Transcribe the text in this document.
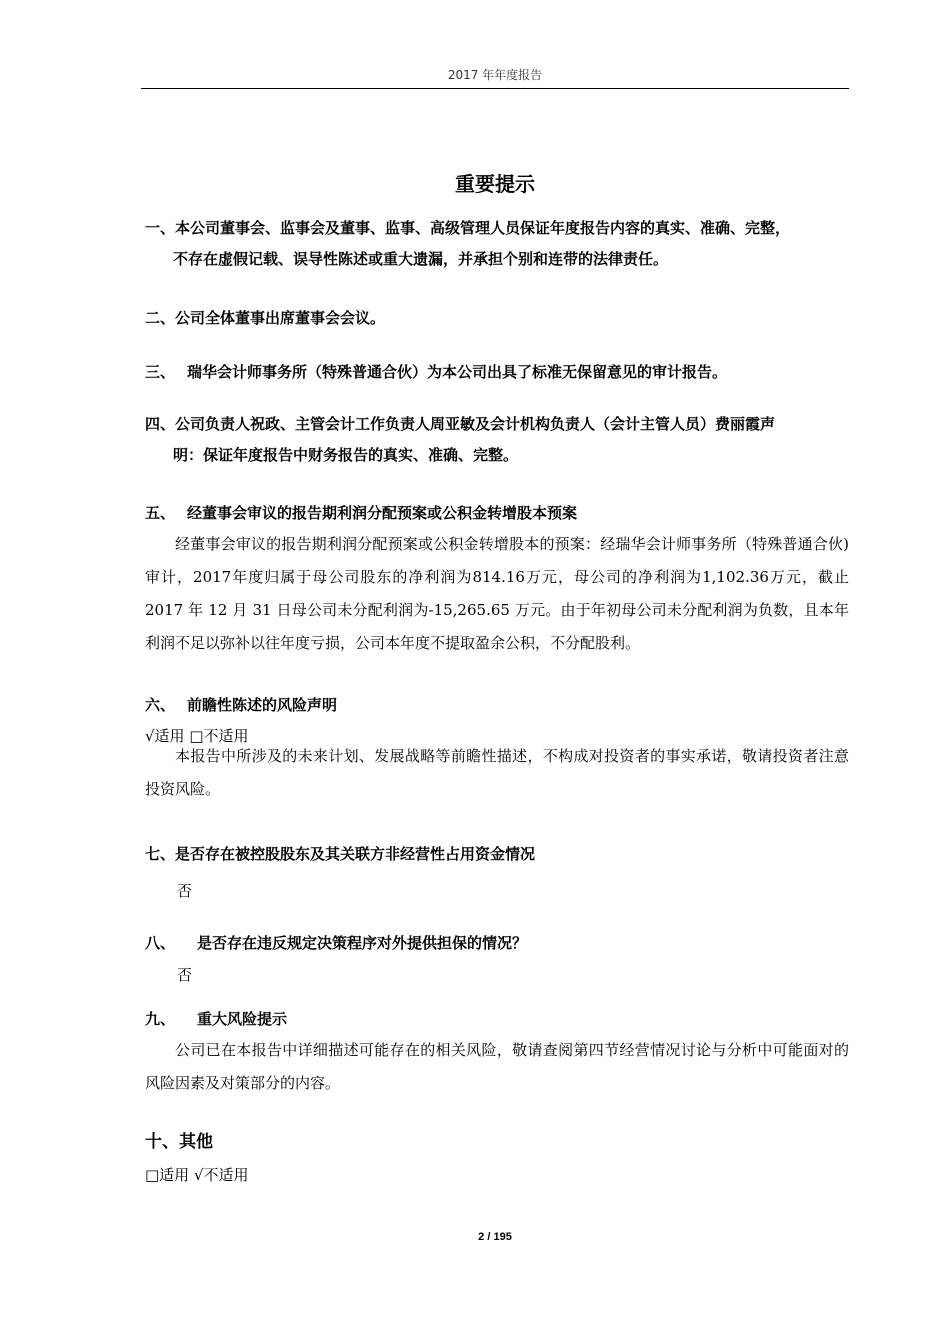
2017 年年度报告
重要提示
一、本公司董事会、监事会及董事、监事、高级管理人员保证年度报告内容的真实、准确、完整，
不存在虚假记载、误导性陈述或重大遗漏，并承担个别和连带的法律责任。
二、公司全体董事出席董事会会议。
三、 瑞华会计师事务所（特殊普通合伙）为本公司出具了标准无保留意见的审计报告。
四、公司负责人祝政、主管会计工作负责人周亚敏及会计机构负责人（会计主管人员）费丽霞声
明：保证年度报告中财务报告的真实、准确、完整。
五、 经董事会审议的报告期利润分配预案或公积金转增股本预案
经董事会审议的报告期利润分配预案或公积金转增股本的预案：经瑞华会计师事务所（特殊普通合伙)审计，2017年度归属于母公司股东的净利润为814.16万元，母公司的净利润为1,102.36万元，截止 2017 年 12 月 31 日母公司未分配利润为-15,265.65 万元。由于年初母公司未分配利润为负数，且本年利润不足以弥补以往年度亏损，公司本年度不提取盈余公积，不分配股利。
六、 前瞻性陈述的风险声明
√适用 □不适用
本报告中所涉及的未来计划、发展战略等前瞻性描述，不构成对投资者的事实承诺，敬请投资者注意投资风险。
七、是否存在被控股股东及其关联方非经营性占用资金情况
否
八、 是否存在违反规定决策程序对外提供担保的情况？
否
九、 重大风险提示
公司已在本报告中详细描述可能存在的相关风险，敬请查阅第四节经营情况讨论与分析中可能面对的风险因素及对策部分的内容。
十、其他
□适用 √不适用
2 / 195
